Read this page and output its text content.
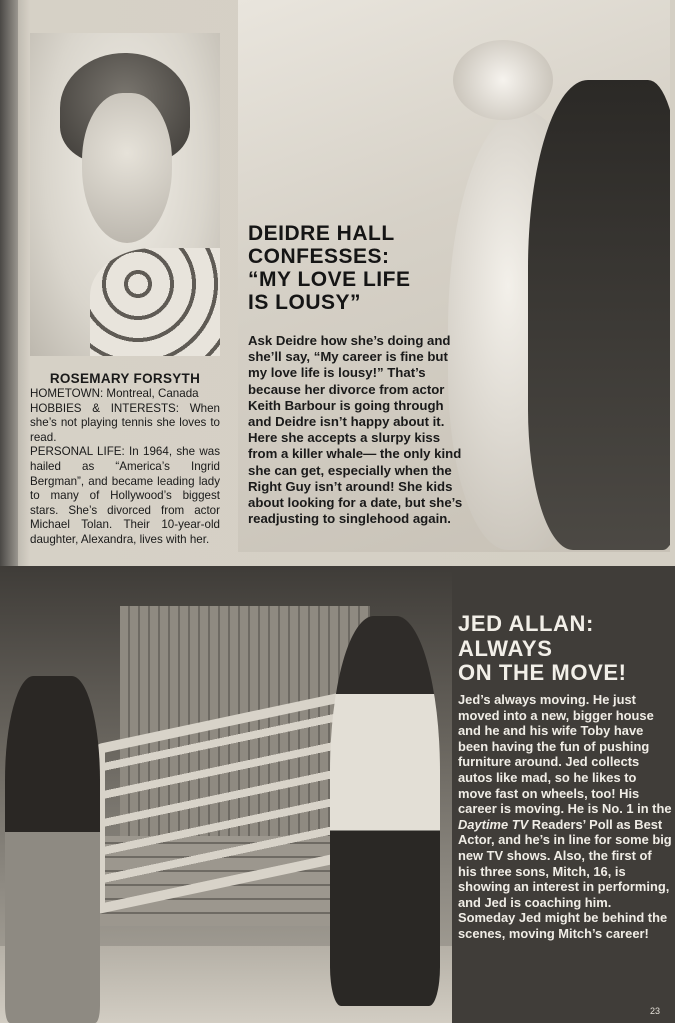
DEIDRE HALL
CONFESSES:
“MY LOVE LIFE
IS LOUSY”
Ask Deidre how she’s doing and she’ll say, “My career is fine but my love life is lousy!” That’s because her divorce from actor Keith Barbour is going through and Deidre isn’t happy about it. Here she accepts a slurpy kiss from a killer whale— the only kind she can get, especially when the Right Guy isn’t around! She kids about looking for a date, but she’s readjusting to singlehood again.
ROSEMARY FORSYTH
HOMETOWN: Montreal, Canada
HOBBIES & INTERESTS: When she’s not playing tennis she loves to read.
PERSONAL LIFE: In 1964, she was hailed as “America’s Ingrid Bergman”, and became leading lady to many of Hollywood’s biggest stars. She’s divorced from actor Michael Tolan. Their 10-year-old daughter, Alexandra, lives with her.
JED ALLAN:
ALWAYS
ON THE MOVE!
Jed’s always moving. He just moved into a new, bigger house and he and his wife Toby have been having the fun of pushing furniture around. Jed collects autos like mad, so he likes to move fast on wheels, too! His career is moving. He is No. 1 in the Daytime TV Readers’ Poll as Best Actor, and he’s in line for some big new TV shows. Also, the first of his three sons, Mitch, 16, is showing an interest in performing, and Jed is coaching him. Someday Jed might be behind the scenes, moving Mitch’s career!
23
